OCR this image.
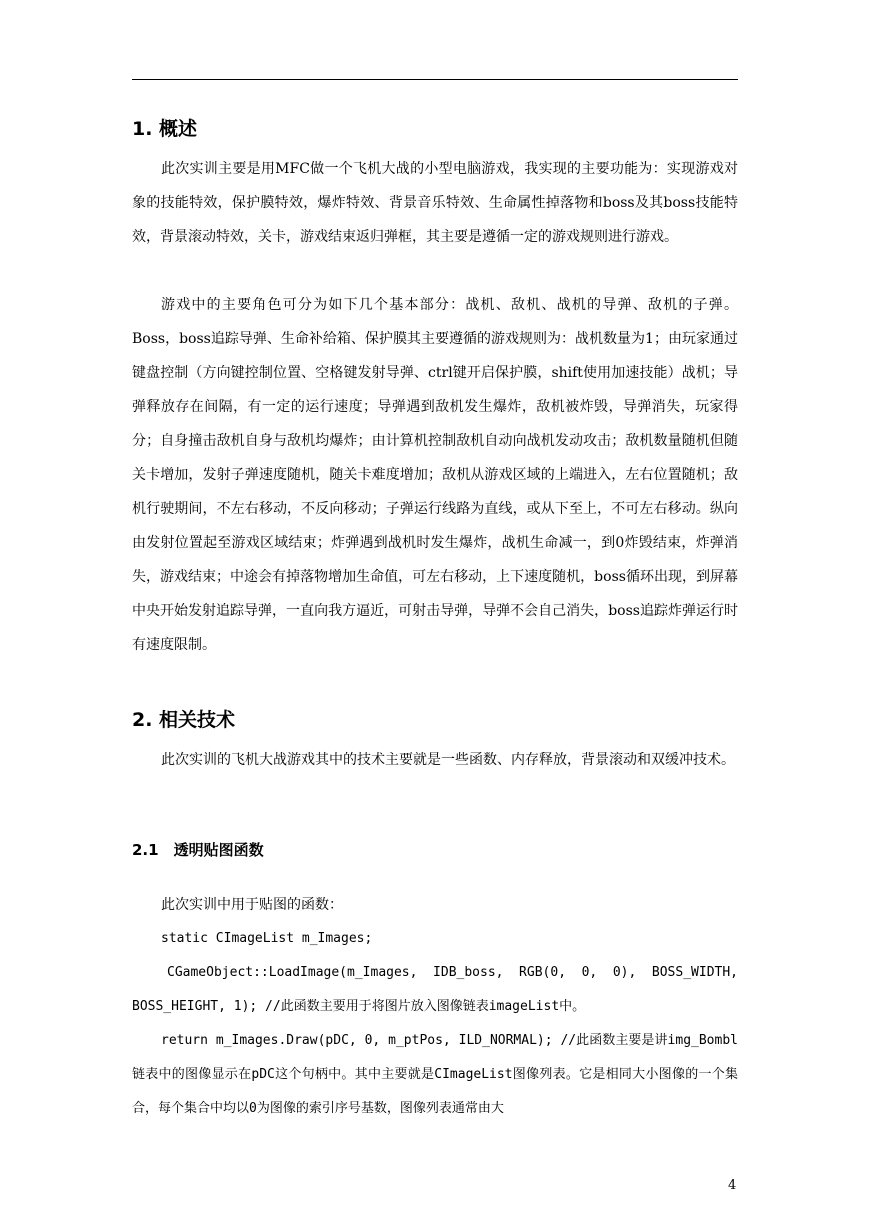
1. 概述

此次实训主要是用MFC做一个飞机大战的小型电脑游戏，我实现的主要功能为：实现游戏对象的技能特效，保护膜特效，爆炸特效、背景音乐特效、生命属性掉落物和boss及其boss技能特效，背景滚动特效，关卡，游戏结束返归弹框，其主要是遵循一定的游戏规则进行游戏。

游戏中的主要角色可分为如下几个基本部分：战机、敌机、战机的导弹、敌机的子弹。Boss，boss追踪导弹、生命补给箱、保护膜其主要遵循的游戏规则为：战机数量为1；由玩家通过键盘控制（方向键控制位置、空格键发射导弹、ctrl键开启保护膜，shift使用加速技能）战机；导弹释放存在间隔，有一定的运行速度；导弹遇到敌机发生爆炸，敌机被炸毁，导弹消失，玩家得分；自身撞击敌机自身与敌机均爆炸；由计算机控制敌机自动向战机发动攻击；敌机数量随机但随关卡增加，发射子弹速度随机，随关卡难度增加；敌机从游戏区域的上端进入，左右位置随机；敌机行驶期间，不左右移动，不反向移动；子弹运行线路为直线，或从下至上，不可左右移动。纵向由发射位置起至游戏区域结束；炸弹遇到战机时发生爆炸，战机生命减一，到0炸毁结束，炸弹消失，游戏结束；中途会有掉落物增加生命值，可左右移动，上下速度随机，boss循环出现，到屏幕中央开始发射追踪导弹，一直向我方逼近，可射击导弹，导弹不会自己消失，boss追踪炸弹运行时有速度限制。

2. 相关技术

此次实训的飞机大战游戏其中的技术主要就是一些函数、内存释放，背景滚动和双缓冲技术。

2.1　透明贴图函数

此次实训中用于贴图的函数：

static CImageList m_Images;

CGameObject::LoadImage(m_Images, IDB_boss, RGB(0, 0, 0), BOSS_WIDTH, BOSS_HEIGHT, 1); //此函数主要用于将图片放入图像链表imageList中。

return m_Images.Draw(pDC, 0, m_ptPos, ILD_NORMAL); //此函数主要是讲img_Bombl链表中的图像显示在pDC这个句柄中。其中主要就是CImageList图像列表。它是相同大小图像的一个集合，每个集合中均以0为图像的索引序号基数，图像列表通常由大

4
